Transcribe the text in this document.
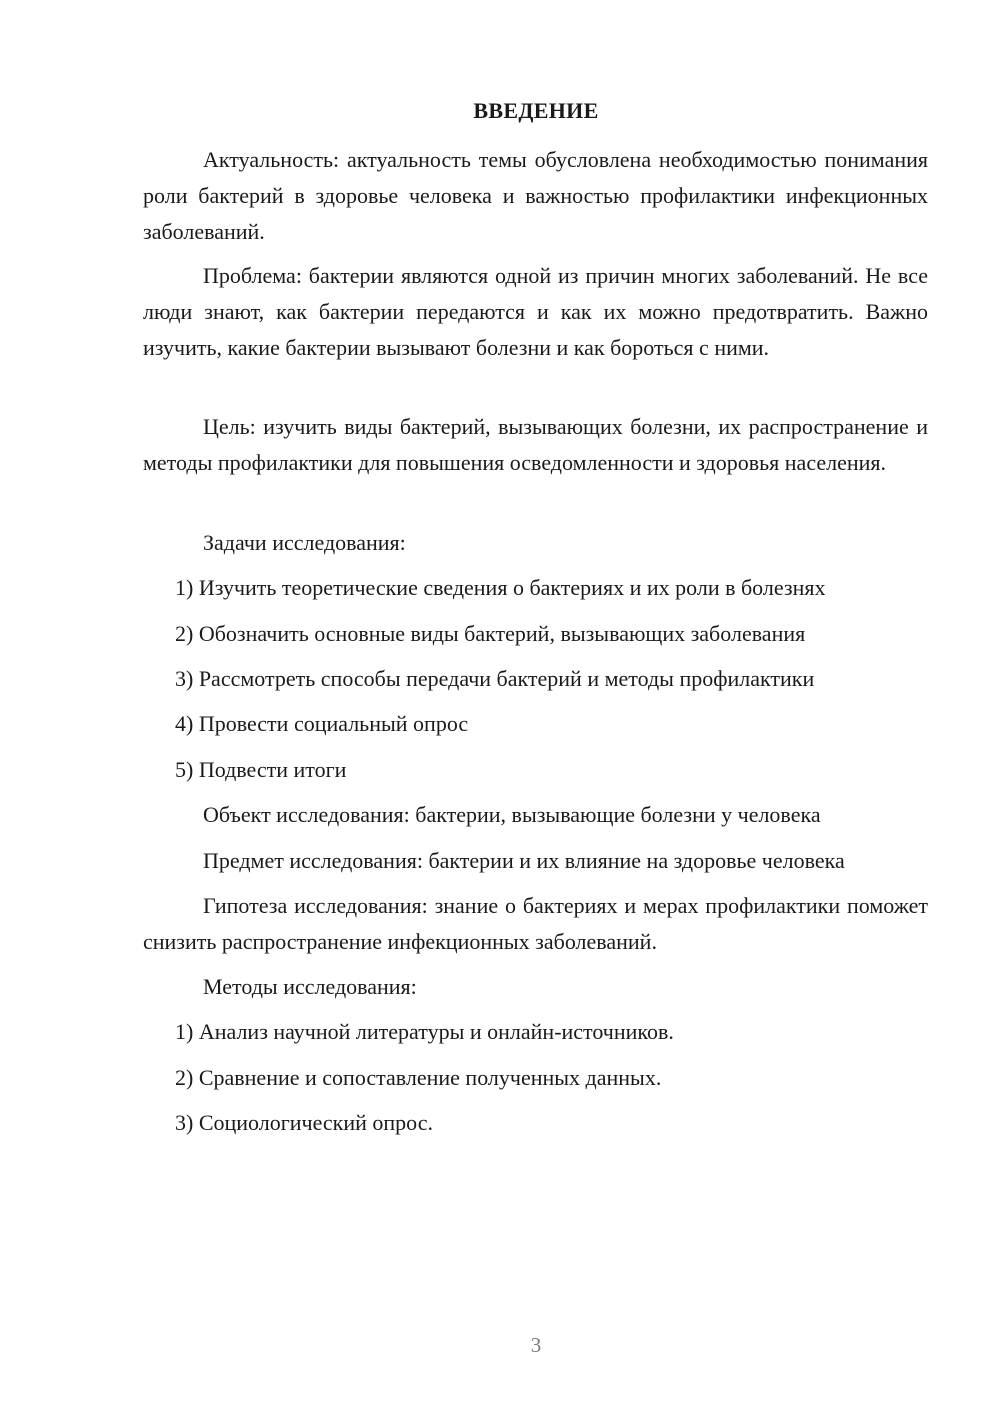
ВВЕДЕНИЕ

Актуальность: актуальность темы обусловлена необходимостью понимания роли бактерий в здоровье человека и важностью профилактики инфекционных заболеваний.

Проблема: бактерии являются одной из причин многих заболеваний. Не все люди знают, как бактерии передаются и как их можно предотвратить. Важно изучить, какие бактерии вызывают болезни и как бороться с ними.

Цель: изучить виды бактерий, вызывающих болезни, их распространение и методы профилактики для повышения осведомленности и здоровья населения.

Задачи исследования:
1) Изучить теоретические сведения о бактериях и их роли в болезнях
2) Обозначить основные виды бактерий, вызывающих заболевания
3) Рассмотреть способы передачи бактерий и методы профилактики
4) Провести социальный опрос
5) Подвести итоги
Объект исследования: бактерии, вызывающие болезни у человека
Предмет исследования: бактерии и их влияние на здоровье человека

Гипотеза исследования: знание о бактериях и мерах профилактики поможет снизить распространение инфекционных заболеваний.

Методы исследования:
1) Анализ научной литературы и онлайн-источников.
2) Сравнение и сопоставление полученных данных.
3) Социологический опрос.
3
